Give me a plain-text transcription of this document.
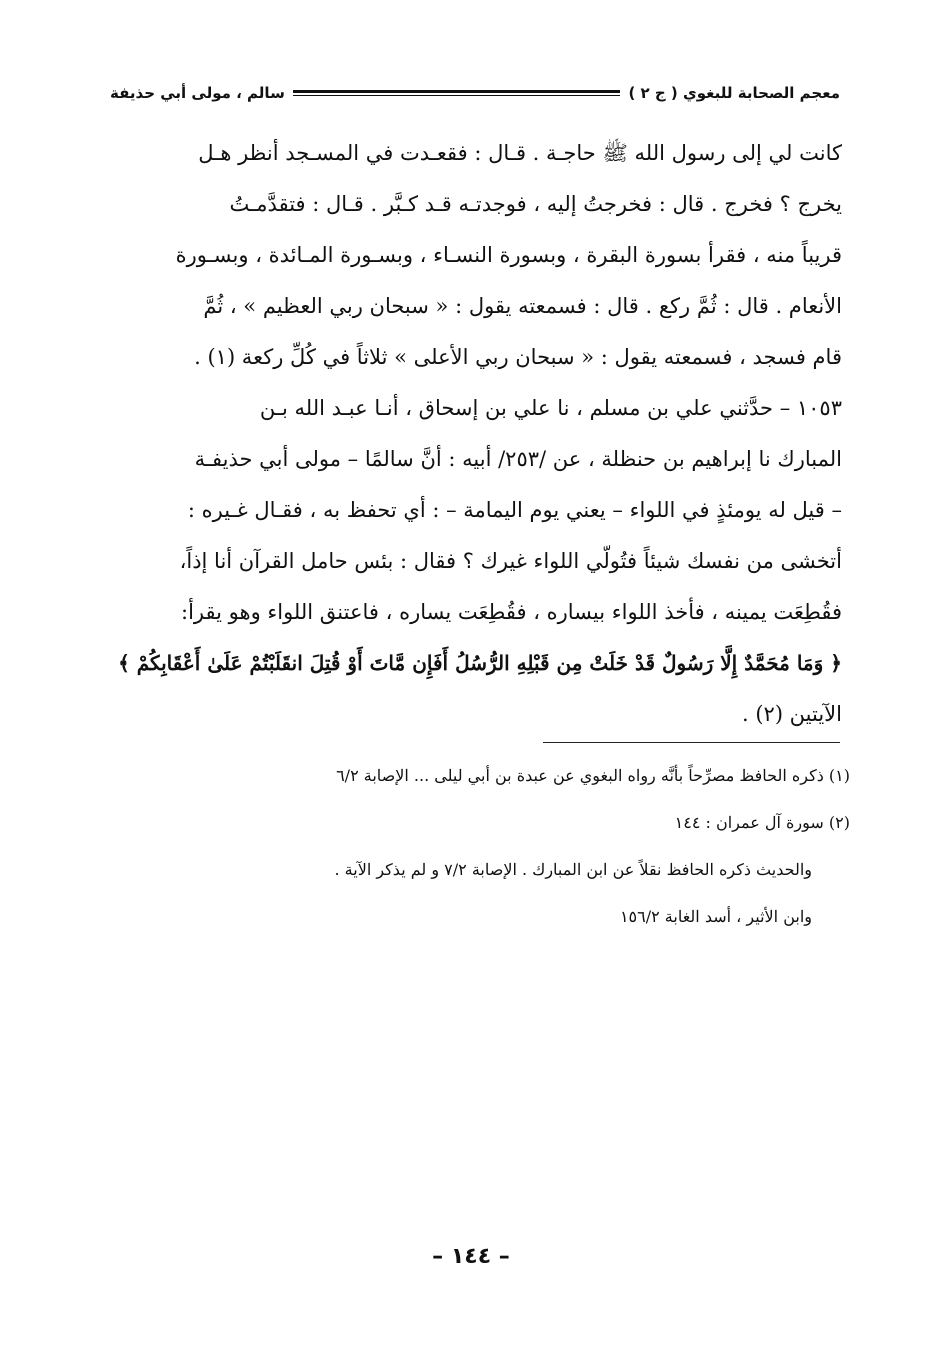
معجم الصحابة للبغوي ( ج ٢ )
سالم ، مولى أبي حذيفة
كانت لي إلى رسول الله ﷺ حاجـة . قـال : فقعـدت في المسـجد أنظر هـل
يخرج ؟ فخرج . قال : فخرجتُ إليه ، فوجدتـه قـد كـبَّر . قـال : فتقدَّمـتُ
قريباً منه ، فقرأ بسورة البقرة ، وبسورة النسـاء ، وبسـورة المـائدة ، وبسـورة
الأنعام . قال : ثُمَّ ركع . قال : فسمعته يقول : « سبحان ربي العظيم » ، ثُمَّ
قام فسجد ، فسمعته يقول : « سبحان ربي الأعلى » ثلاثاً في كُلِّ ركعة (١) .
١٠٥٣ – حدَّثني علي بن مسلم ، نا علي بن إسحاق ، أنـا عبـد الله بـن
المبارك نا إبراهيم بن حنظلة ، عن /٢٥٣/ أبيه : أنَّ سالمًا – مولى أبي حذيفـة
– قيل له يومئذٍ في اللواء – يعني يوم اليمامة – : أي تحفظ به ، فقـال غـيره :
أتخشى من نفسك شيئاً فتُولّي اللواء غيرك ؟ فقال : بئس حامل القرآن أنا إذاً،
فقُطِعَت يمينه ، فأخذ اللواء بيساره ، فقُطِعَت يساره ، فاعتنق اللواء وهو يقرأ:
﴿ وَمَا مُحَمَّدٌ إِلَّا رَسُولٌ قَدْ خَلَتْ مِن قَبْلِهِ الرُّسُلُ أَفَإِن مَّاتَ أَوْ قُتِلَ انقَلَبْتُمْ عَلَىٰ أَعْقَابِكُمْ ﴾
الآيتين (٢) .
(١) ذكره الحافظ مصرِّحاً بأنَّه رواه البغوي عن عبدة بن أبي ليلى ... الإصابة ٦/٢
(٢) سورة آل عمران : ١٤٤
والحديث ذكره الحافظ نقلاً عن ابن المبارك . الإصابة ٧/٢ و لم يذكر الآية .
وابن الأثير ، أسد الغابة ١٥٦/٢
– ١٤٤ –
